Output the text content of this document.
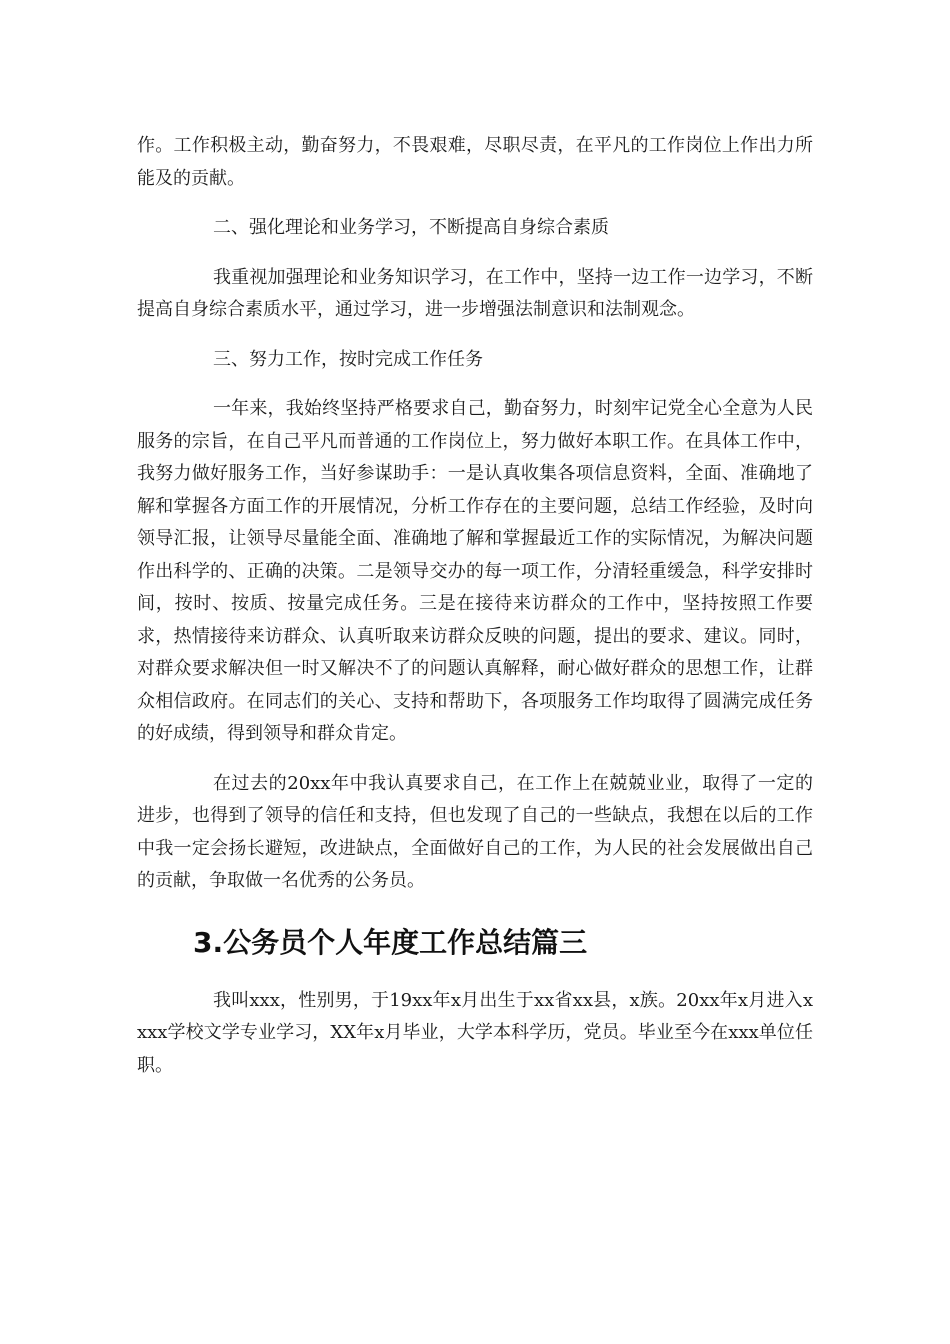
作。工作积极主动，勤奋努力，不畏艰难，尽职尽责，在平凡的工作岗位上作出力所能及的贡献。

二、强化理论和业务学习，不断提高自身综合素质

我重视加强理论和业务知识学习，在工作中，坚持一边工作一边学习，不断提高自身综合素质水平，通过学习，进一步增强法制意识和法制观念。

三、努力工作，按时完成工作任务

一年来，我始终坚持严格要求自己，勤奋努力，时刻牢记党全心全意为人民服务的宗旨，在自己平凡而普通的工作岗位上，努力做好本职工作。在具体工作中，我努力做好服务工作，当好参谋助手：一是认真收集各项信息资料，全面、准确地了解和掌握各方面工作的开展情况，分析工作存在的主要问题，总结工作经验，及时向领导汇报，让领导尽量能全面、准确地了解和掌握最近工作的实际情况，为解决问题作出科学的、正确的决策。二是领导交办的每一项工作，分清轻重缓急，科学安排时间，按时、按质、按量完成任务。三是在接待来访群众的工作中，坚持按照工作要求，热情接待来访群众、认真听取来访群众反映的问题，提出的要求、建议。同时，对群众要求解决但一时又解决不了的问题认真解释，耐心做好群众的思想工作，让群众相信政府。在同志们的关心、支持和帮助下，各项服务工作均取得了圆满完成任务的好成绩，得到领导和群众肯定。

在过去的20xx年中我认真要求自己，在工作上在兢兢业业，取得了一定的进步，也得到了领导的信任和支持，但也发现了自己的一些缺点，我想在以后的工作中我一定会扬长避短，改进缺点，全面做好自己的工作，为人民的社会发展做出自己的贡献，争取做一名优秀的公务员。

3.公务员个人年度工作总结篇三

我叫xxx，性别男，于19xx年x月出生于xx省xx县，x族。20xx年x月进入xxxx学校文学专业学习，XX年x月毕业，大学本科学历，党员。毕业至今在xxx单位任职。
